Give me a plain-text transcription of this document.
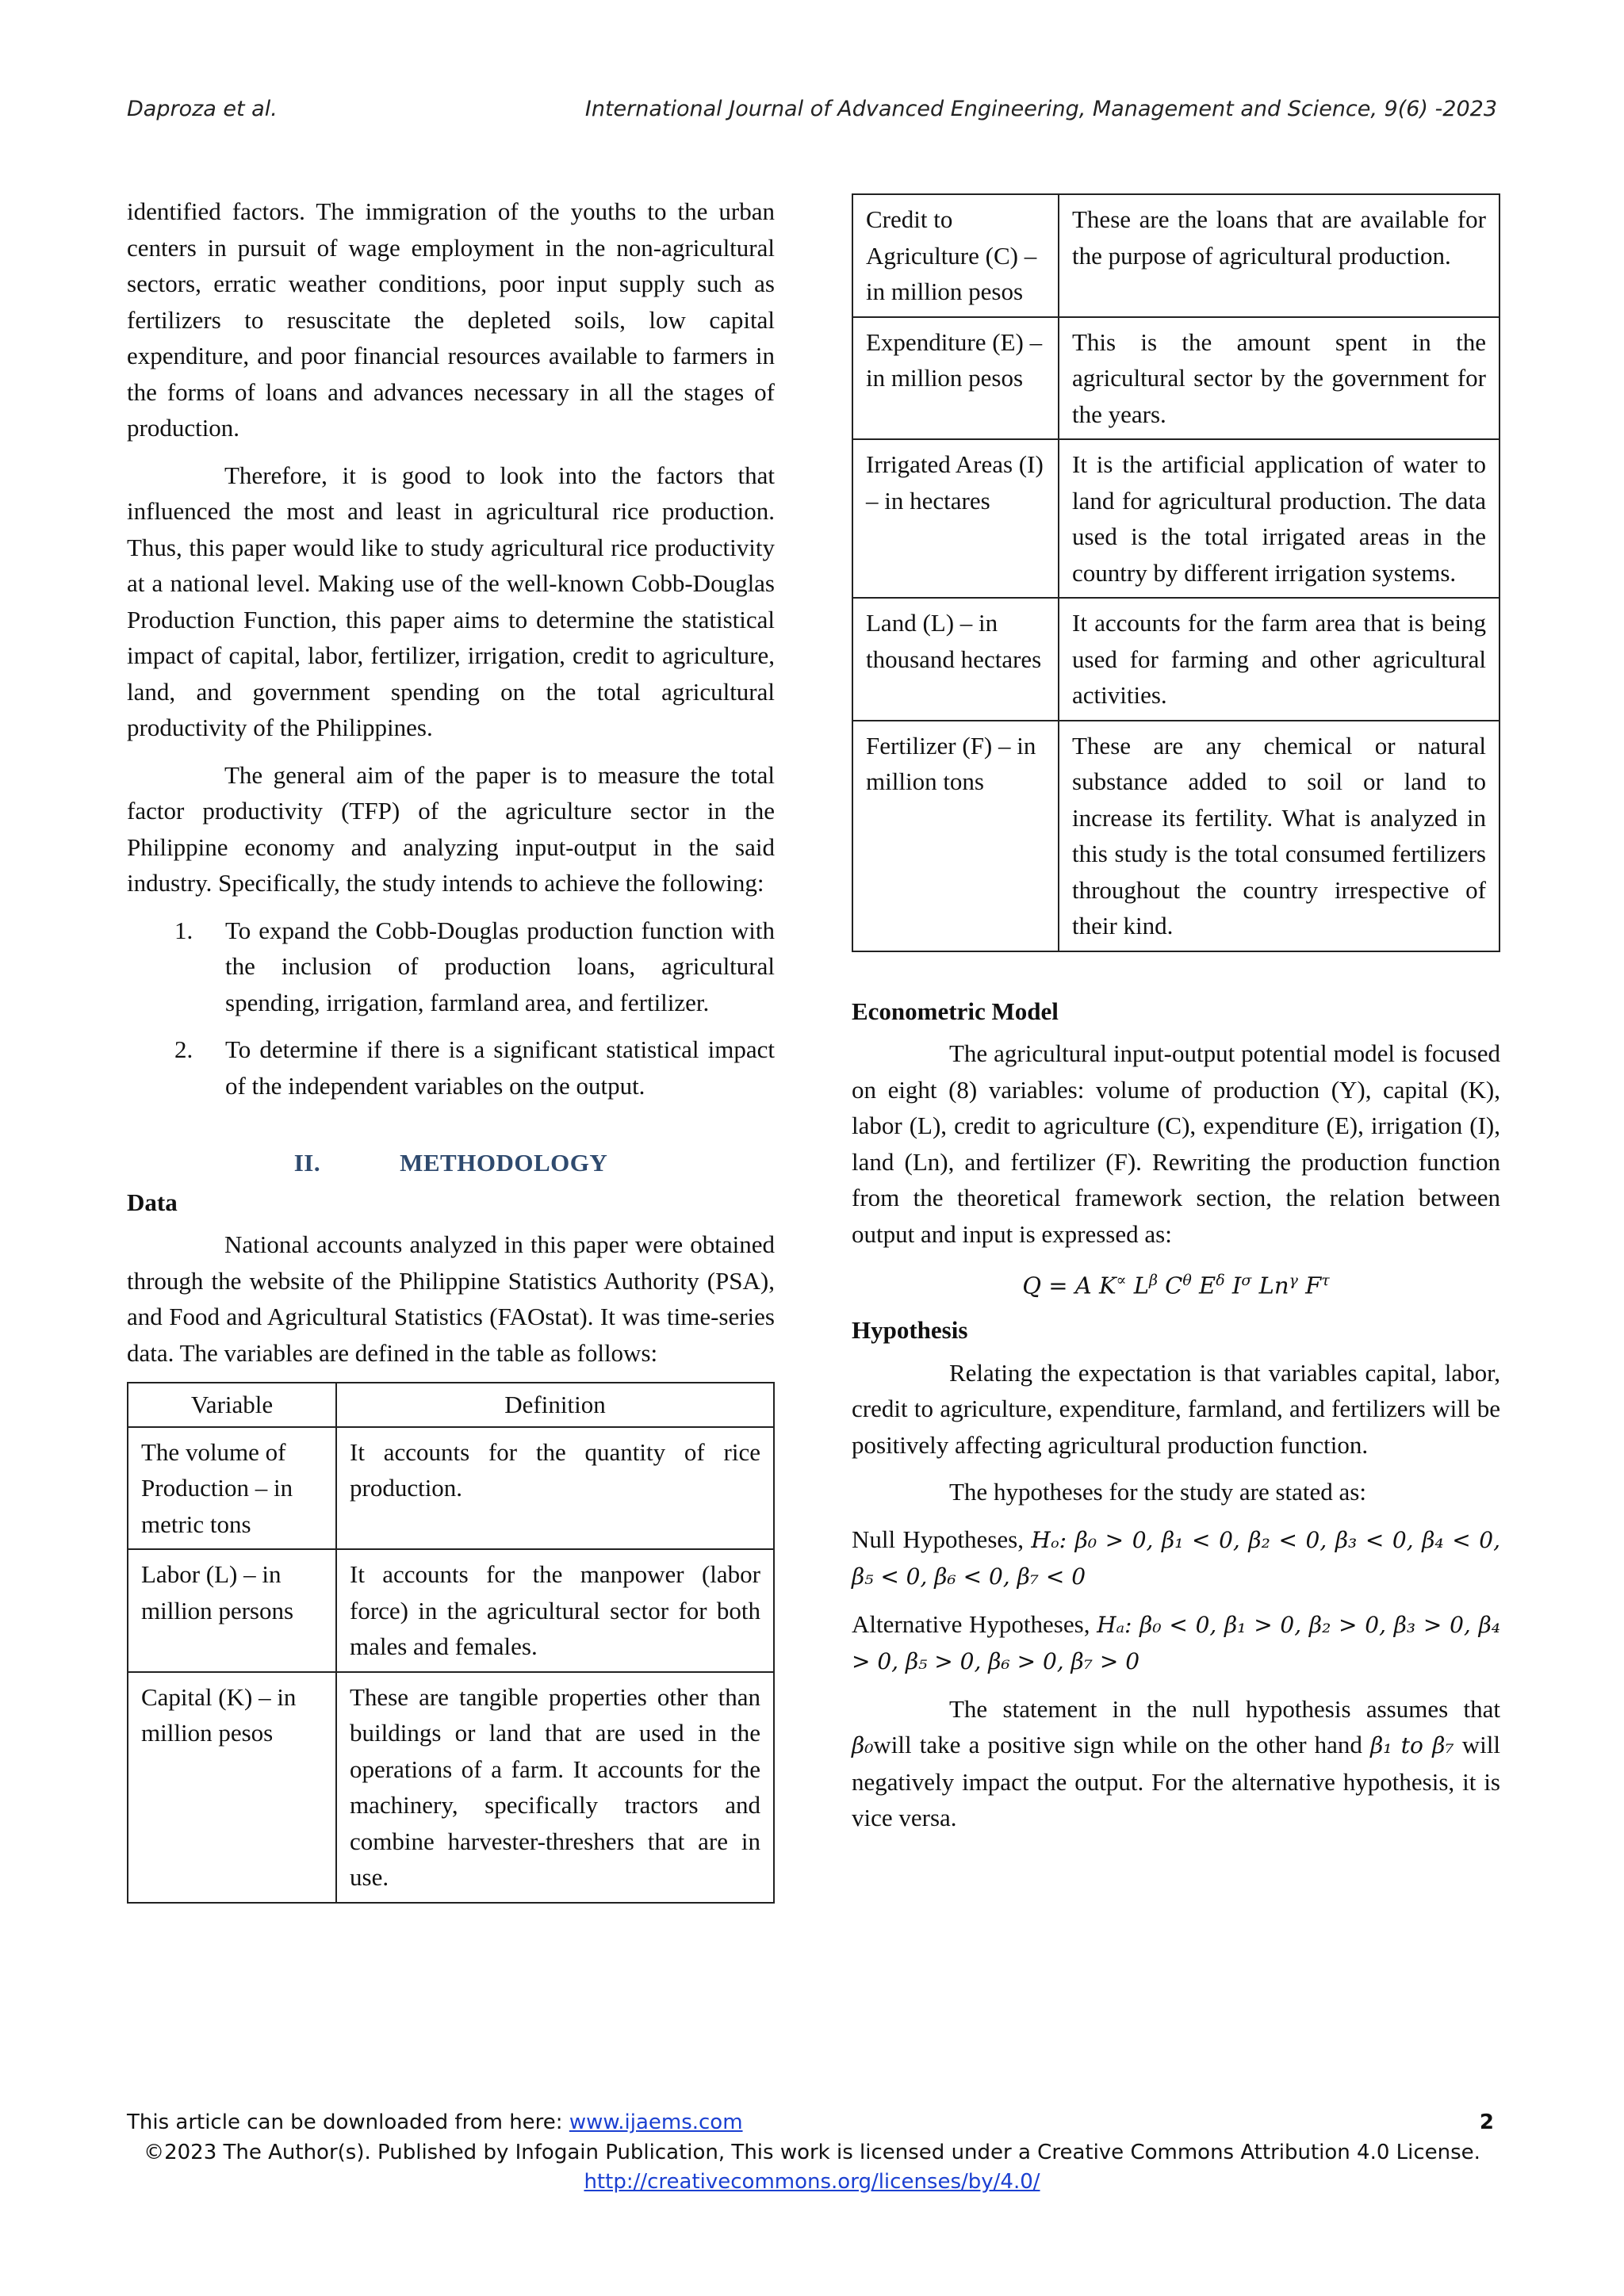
Daproza et al.	International Journal of Advanced Engineering, Management and Science, 9(6) -2023

identified factors. The immigration of the youths to the urban centers in pursuit of wage employment in the non-agricultural sectors, erratic weather conditions, poor input supply such as fertilizers to resuscitate the depleted soils, low capital expenditure, and poor financial resources available to farmers in the forms of loans and advances necessary in all the stages of production.

Therefore, it is good to look into the factors that influenced the most and least in agricultural rice production. Thus, this paper would like to study agricultural rice productivity at a national level. Making use of the well-known Cobb-Douglas Production Function, this paper aims to determine the statistical impact of capital, labor, fertilizer, irrigation, credit to agriculture, land, and government spending on the total agricultural productivity of the Philippines.

The general aim of the paper is to measure the total factor productivity (TFP) of the agriculture sector in the Philippine economy and analyzing input-output in the said industry. Specifically, the study intends to achieve the following:

1. To expand the Cobb-Douglas production function with the inclusion of production loans, agricultural spending, irrigation, farmland area, and fertilizer.
2. To determine if there is a significant statistical impact of the independent variables on the output.
II.	METHODOLOGY
Data

National accounts analyzed in this paper were obtained through the website of the Philippine Statistics Authority (PSA), and Food and Agricultural Statistics (FAOstat). It was time-series data. The variables are defined in the table as follows:

Variable	Definition
The volume of Production – in metric tons	It accounts for the quantity of rice production.
Labor (L) – in million persons	It accounts for the manpower (labor force) in the agricultural sector for both males and females.
Capital (K) – in million pesos	These are tangible properties other than buildings or land that are used in the operations of a farm. It accounts for the machinery, specifically tractors and combine harvester-threshers that are in use.
Credit to Agriculture (C) – in million pesos	These are the loans that are available for the purpose of agricultural production.
Expenditure (E) – in million pesos	This is the amount spent in the agricultural sector by the government for the years.
Irrigated Areas (I) – in hectares	It is the artificial application of water to land for agricultural production. The data used is the total irrigated areas in the country by different irrigation systems.
Land (L) – in thousand hectares	It accounts for the farm area that is being used for farming and other agricultural activities.
Fertilizer (F) – in million tons	These are any chemical or natural substance added to soil or land to increase its fertility. What is analyzed in this study is the total consumed fertilizers throughout the country irrespective of their kind.
Econometric Model

The agricultural input-output potential model is focused on eight (8) variables: volume of production (Y), capital (K), labor (L), credit to agriculture (C), expenditure (E), irrigation (I), land (Ln), and fertilizer (F). Rewriting the production function from the theoretical framework section, the relation between output and input is expressed as:

Q = A K∝ $L^\beta$ $C^\theta$ $E^\delta$ $I^\sigma$ $Ln^\gamma$ $F^\tau$
Hypothesis

Relating the expectation is that variables capital, labor, credit to agriculture, expenditure, farmland, and fertilizers will be positively affecting agricultural production function.

The hypotheses for the study are stated as:

Null Hypotheses, Hₒ: β₀ > 0, β₁ < 0, β₂ < 0, β₃ < 0, β₄ < 0, β₅ < 0, β₆ < 0, β₇ < 0

Alternative Hypotheses, Hₐ: β₀ < 0, β₁ > 0, β₂ > 0, β₃ > 0, β₄ > 0, β₅ > 0, β₆ > 0, β₇ > 0

The statement in the null hypothesis assumes that β₀will take a positive sign while on the other hand β₁ to β₇ will negatively impact the output. For the alternative hypothesis, it is vice versa.

This article can be downloaded from here: www.ijaems.com	2
©2023 The Author(s). Published by Infogain Publication, This work is licensed under a Creative Commons Attribution 4.0 License.
http://creativecommons.org/licenses/by/4.0/
